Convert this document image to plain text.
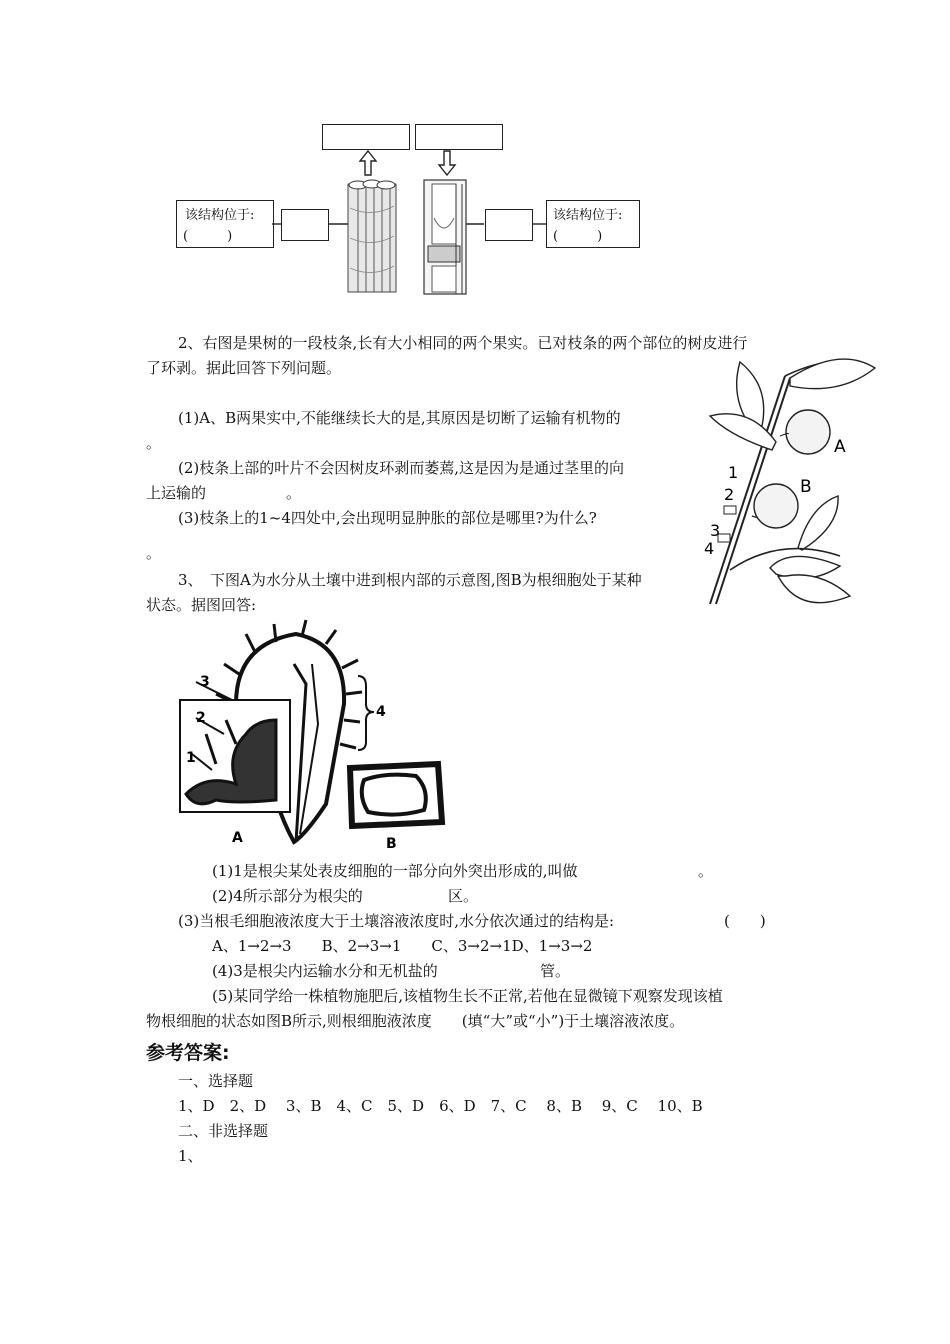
该结构位于:
(　　　)
该结构位于:
(　　　)
2、右图是果树的一段枝条,长有大小相同的两个果实。已对枝条的两个部位的树皮进行
了环剥。据此回答下列问题。
(1)A、B两果实中,不能继续长大的是,其原因是切断了运输有机物的
。
(2)枝条上部的叶片不会因树皮环剥而萎蔫,这是因为是通过茎里的向
上运输的	。
(3)枝条上的1~4四处中,会出现明显肿胀的部位是哪里?为什么?
。
A
B
1
2
3
4
3、　下图A为水分从土壤中进到根内部的示意图,图B为根细胞处于某种
状态。据图回答:
3
2
1
4
A	B
(1)1是根尖某处表皮细胞的一部分向外突出形成的,叫做	。
(2)4所示部分为根尖的	区。
(3)当根毛细胞液浓度大于土壤溶液浓度时,水分依次通过的结构是:	(　　)
A、1→2→3　　B、2→3→1　　C、3→2→1D、1→3→2
(4)3是根尖内运输水分和无机盐的	管。
(5)某同学给一株植物施肥后,该植物生长不正常,若他在显微镜下观察发现该植
物根细胞的状态如图B所示,则根细胞液浓度　　(填“大”或“小”)于土壤溶液浓度。
参考答案:
一、选择题
1、D　2、D　 3、B　4、C　5、D　6、D　7、C　 8、B　 9、C　 10、B
二、非选择题
1、
